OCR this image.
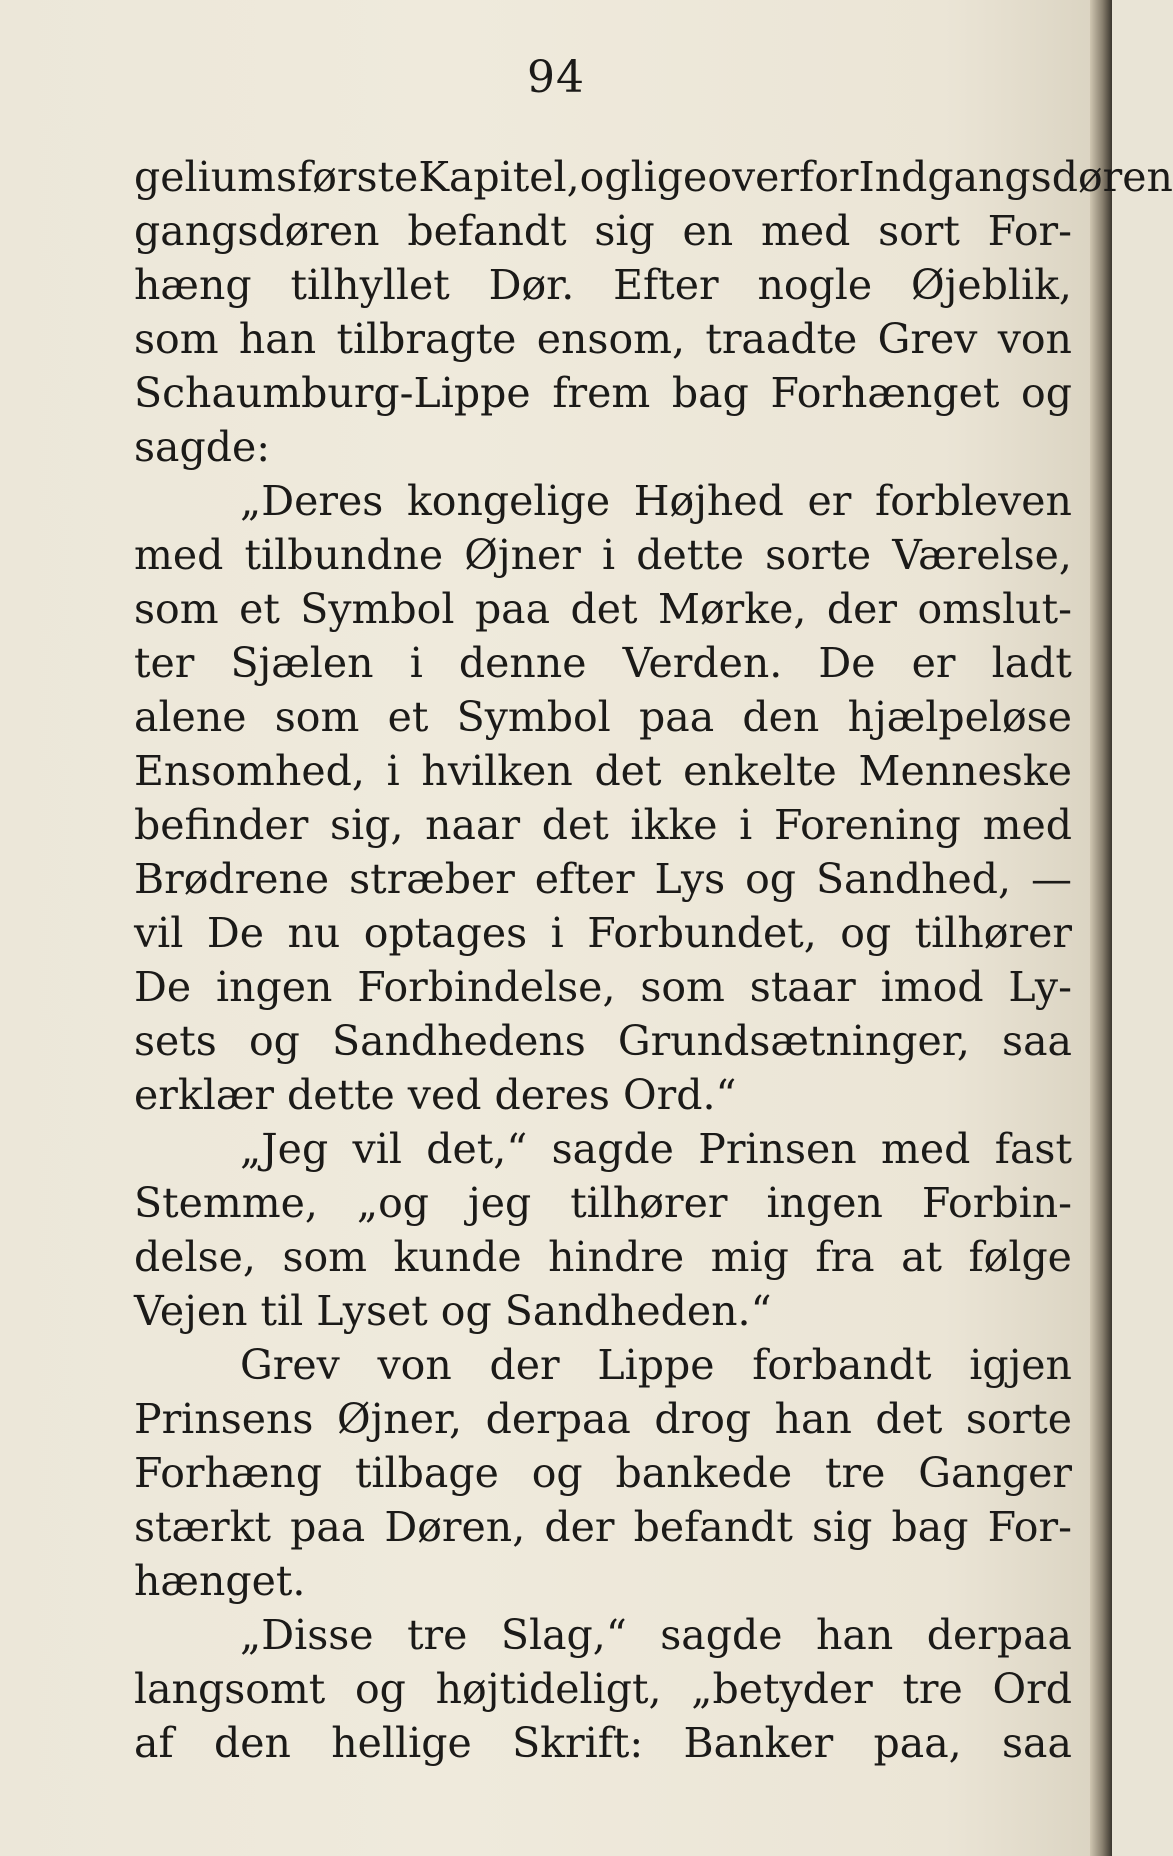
94
geliums første Kapitel, og ligeoverfor Indgangsdøren
gangsdøren befandt sig en med sort For-
hæng tilhyllet Dør. Efter nogle Øjeblik,
som han tilbragte ensom, traadte Grev von
Schaumburg-Lippe frem bag Forhænget og
sagde:
„Deres kongelige Højhed er forbleven
med tilbundne Øjner i dette sorte Værelse,
som et Symbol paa det Mørke, der omslut-
ter Sjælen i denne Verden. De er ladt
alene som et Symbol paa den hjælpeløse
Ensomhed, i hvilken det enkelte Menneske
befinder sig, naar det ikke i Forening med
Brødrene stræber efter Lys og Sandhed, —
vil De nu optages i Forbundet, og tilhører
De ingen Forbindelse, som staar imod Ly-
sets og Sandhedens Grundsætninger, saa
erklær
dette
ved
deres
Ord.“
„Jeg vil det,“ sagde Prinsen med fast
Stemme, „og jeg tilhører ingen Forbin-
delse, som kunde hindre mig fra at følge
Vejen
til
Lyset
og
Sandheden.“
Grev von der Lippe forbandt igjen
Prinsens Øjner, derpaa drog han det sorte
Forhæng tilbage og bankede tre Ganger
stærkt paa Døren, der befandt sig bag For-
hænget.
„Disse tre Slag,“ sagde han derpaa
langsomt og højtideligt, „betyder tre Ord
af den hellige Skrift: Banker paa, saa
